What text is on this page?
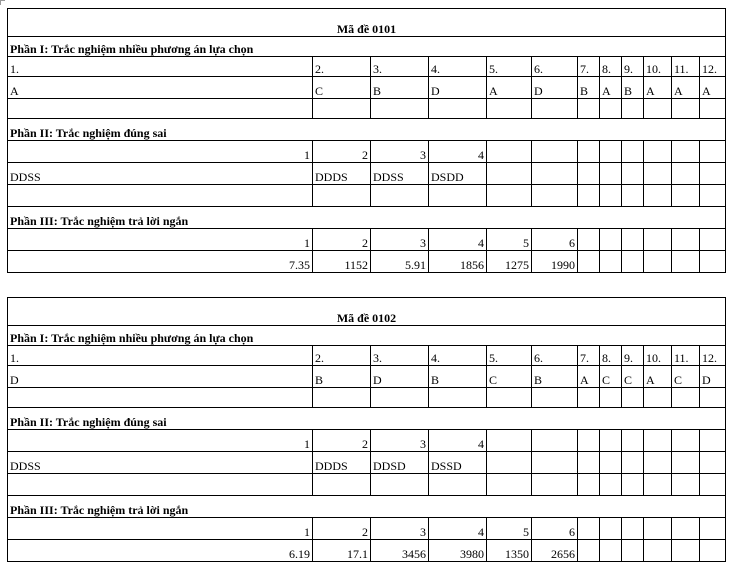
Mã đề 0101											
Phần I: Trắc nghiệm nhiều phương án lựa chọn											
1.	2.	3.	4.	5.	6.	7.	8.	9.	10.	11.	12.
A	C	B	D	A	D	B	A	B	A	A	A

Phần II: Trắc nghiệm đúng sai											
1	2	3	4								
DDSS	DDDS	DDSS	DSDD								

Phần III: Trắc nghiệm trả lời ngắn											
1	2	3	4	5	6						
7.35	1152	5.91	1856	1275	1990						
Mã đề 0102											
Phần I: Trắc nghiệm nhiều phương án lựa chọn											
1.	2.	3.	4.	5.	6.	7.	8.	9.	10.	11.	12.
D	B	D	B	C	B	A	C	C	A	C	D

Phần II: Trắc nghiệm đúng sai											
1	2	3	4								
DDSS	DDDS	DDSD	DSSD								

Phần III: Trắc nghiệm trả lời ngắn											
1	2	3	4	5	6						
6.19	17.1	3456	3980	1350	2656						
